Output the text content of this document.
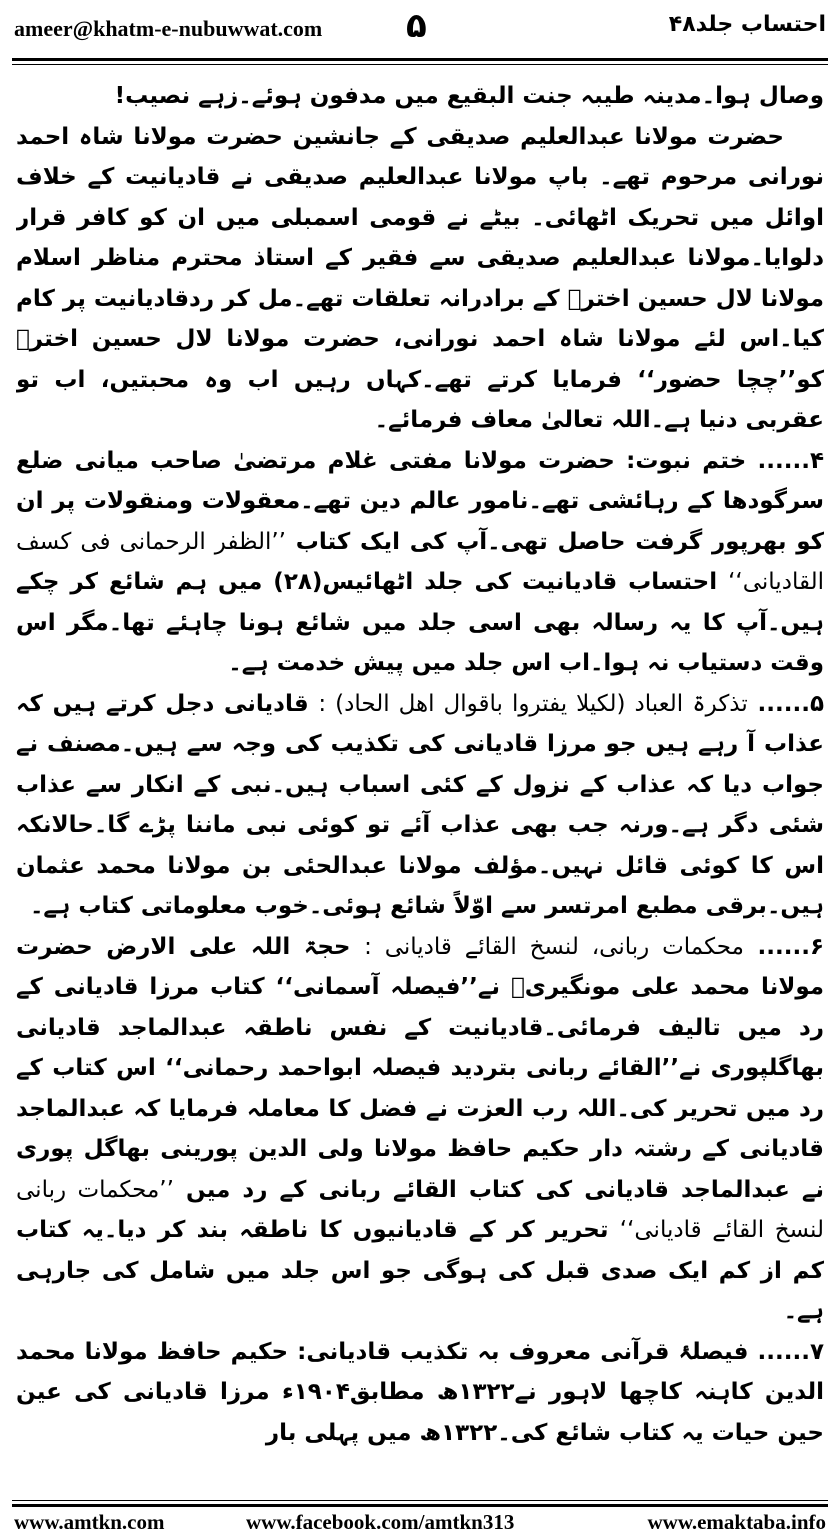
ameer@khatm-e-nubuwwat.com ۵	احتساب جلد۴۸

وصال ہوا۔مدینہ طیبہ جنت البقیع میں مدفون ہوئے۔زہے نصیب!

حضرت مولانا عبدالعلیم صدیقی کے جانشین حضرت مولانا شاہ احمد نورانی مرحوم تھے۔ باپ مولانا عبدالعلیم صدیقی نے قادیانیت کے خلاف اوائل میں تحریک اٹھائی۔ بیٹے نے قومی اسمبلی میں ان کو کافر قرار دلوایا۔مولانا عبدالعلیم صدیقی سے فقیر کے استاذ محترم مناظر اسلام مولانا لال حسین اخترؒ کے برادرانہ تعلقات تھے۔مل کر ردقادیانیت پر کام کیا۔اس لئے مولانا شاہ احمد نورانی، حضرت مولانا لال حسین اخترؒ کو’’چچا حضور‘‘ فرمایا کرتے تھے۔کہاں رہیں اب وہ محبتیں، اب تو عقربی دنیا ہے۔اللہ تعالیٰ معاف فرمائے۔

۴...... ختم نبوت: حضرت مولانا مفتی غلام مرتضیٰ صاحب میانی ضلع سرگودھا کے رہائشی تھے۔نامور عالم دین تھے۔معقولات ومنقولات پر ان کو بھرپور گرفت حاصل تھی۔آپ کی ایک کتاب ’’الظفر الرحمانی فی کسف القادیانی‘‘ احتساب قادیانیت کی جلد اٹھائیس(۲۸) میں ہم شائع کر چکے ہیں۔آپ کا یہ رسالہ بھی اسی جلد میں شائع ہونا چاہئے تھا۔مگر اس وقت دستیاب نہ ہوا۔اب اس جلد میں پیش خدمت ہے۔

۵...... تذکرۃ العباد (لکیلا یفتروا باقوال اھل الحاد) : قادیانی دجل کرتے ہیں کہ عذاب آ رہے ہیں جو مرزا قادیانی کی تکذیب کی وجہ سے ہیں۔مصنف نے جواب دیا کہ عذاب کے نزول کے کئی اسباب ہیں۔نبی کے انکار سے عذاب شئی دگر ہے۔ورنہ جب بھی عذاب آئے تو کوئی نبی ماننا پڑے گا۔حالانکہ اس کا کوئی قائل نہیں۔مؤلف مولانا عبدالحئی بن مولانا محمد عثمان ہیں۔برقی مطبع امرتسر سے اوّلاً شائع ہوئی۔خوب معلوماتی کتاب ہے۔

۶...... محکمات ربانی، لنسخ القائے قادیانی : حجۃ اللہ علی الارض حضرت مولانا محمد علی مونگیریؒ نے’’فیصلہ آسمانی‘‘ کتاب مرزا قادیانی کے رد میں تالیف فرمائی۔قادیانیت کے نفس ناطقہ عبدالماجد قادیانی بھاگلپوری نے’’القائے ربانی بتردید فیصلہ ابواحمد رحمانی‘‘ اس کتاب کے رد میں تحریر کی۔اللہ رب العزت نے فضل کا معاملہ فرمایا کہ عبدالماجد قادیانی کے رشتہ دار حکیم حافظ مولانا ولی الدین پورینی بھاگل پوری نے عبدالماجد قادیانی کی کتاب القائے ربانی کے رد میں ’’محکمات ربانی لنسخ القائے قادیانی‘‘ تحریر کر کے قادیانیوں کا ناطقہ بند کر دیا۔یہ کتاب کم از کم ایک صدی قبل کی ہوگی جو اس جلد میں شامل کی جارہی ہے۔

۷...... فیصلۂ قرآنی معروف بہ تکذیب قادیانی: حکیم حافظ مولانا محمد الدین کاہنہ کاچھا لاہور نے۱۳۲۲ھ مطابق۱۹۰۴ء مرزا قادیانی کی عین حین حیات یہ کتاب شائع کی۔۱۳۲۲ھ میں پہلی بار

www.amtkn.com	www.facebook.com/amtkn313	www.emaktaba.info
